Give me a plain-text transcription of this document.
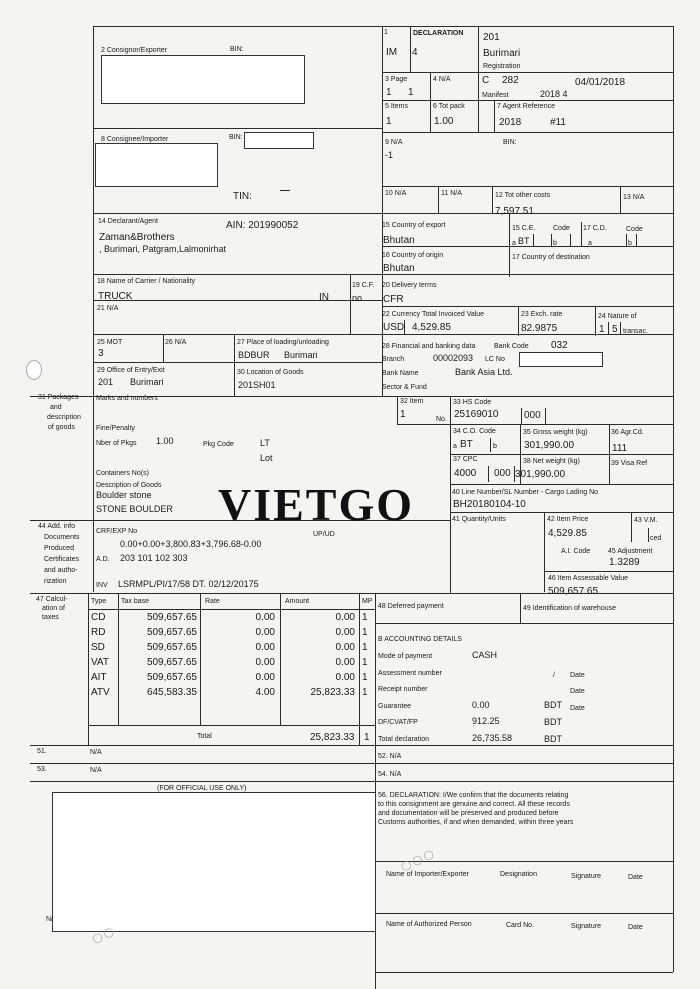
1	DECLARATION 201
IM 4	Burimari
Registration
3 Page
1 1
4 N/A	C 282	04/01/2018
Manifest	2018 4
5 Items
1
6 Tot pack
1.00
7 Agent Reference
2018	#11
2 Consignor/Exporter	BIN:
8 Consignee/Importer	BIN:
TIN:
9 N/A	BIN:
-1
10 N/A	11 N/A	12 Tot other costs
7,597.51
13 N/A
14 Declarant/Agent	AIN: 201990052
Zaman&Brothers
, Burimari, Patgram,Lalmonirhat
15 Country of export
Bhutan
15 C.E.	Code 17 C.D.	Code
a BT	b	a	b
16 Country of origin
Bhutan
17 Country of destination
18 Name of Carrier / Nationality
TRUCK	IN	no
19 C.F. 20 Delivery terms
CFR
21 N/A
22 Currency Total Invoiced Value
USD 4,529.85
23 Exch. rate
82.9875
24 Nature of
1 5 transac.
25 MOT
3
26 N/A	27 Place of loading/unloading
BDBUR Burimari
28 Financial and banking data	Bank Code 032
Branch	00002093 LC No
Bank Name	Bank Asia Ltd.
Sector & Fund
29 Office of Entry/Exit
201 Burimari
30 Location of Goods
201SH01
31 Packages
and
description
of goods
Marks and numbers
Fine/Penalty
Nber of Pkgs 1.00	Pkg Code	LT
Lot
Containers No(s)
Description of Goods
Boulder stone
STONE BOULDER
32 Item
1	No.
33 HS Code
25169010	000
34 C.O. Code
a BT	b
35 Gross weight (kg)
301,990.00
36 Agr.Cd.
111
37 CPC
4000 000
38 Net weight (kg)
301,990.00
39 Visa Ref
40 Line Number/SL Number - Cargo Lading No
BH20180104-10
41 Quantity/Units	42 Item Price
4,529.85
43 V.M.
ced
44 Add. info
Documents
Produced
Certificates
and autho-
rization
CRF/EXP No	UP/UD
0.00+0.00+3,800.83+3,796.68-0.00
A.D. 203 101 102 303
INV LSRMPL/PI/17/58 DT. 02/12/20175
A.I. Code	45 Adjustment
1.3289
46 Item Assessable Value
509,657.65
47 Calcul-
ation of
taxes
Total	25,823.33 1
48 Deferred payment	49 Identification of warehouse
B ACCOUNTING DETAILS
Mode of payment	CASH
Assessment number	/ Date
Receipt number	Date
Guarantee	0.00	BDT Date
DF/CVAT/FP	912.25	BDT
Total declaration	26,735.58	BDT
51.	N/A
52. N/A
53.	N/A
54. N/A
(FOR OFFICIAL USE ONLY)
N/
56. DECLARATION: I/We confirm that the documents relating
to this consignment are genuine and correct. All these records
and documentation will be preserved and produced before
Customs authorities, if and when demanded, within three years
Name of Importer/Exporter	Designation	Signature	Date
Name of Authorized Person	Card No.	Signature	Date
◯ ◯ ◯
◯ ◯
VIETGO
Type Tax base	Rate	Amount	MP
CD	509,657.65	0.00	0.00 1
RD	509,657.65	0.00	0.00 1
SD	509,657.65	0.00	0.00 1
VAT	509,657.65	0.00	0.00 1
AIT	509,657.65	0.00	0.00 1
ATV	645,583.35	4.00	25,823.33 1
